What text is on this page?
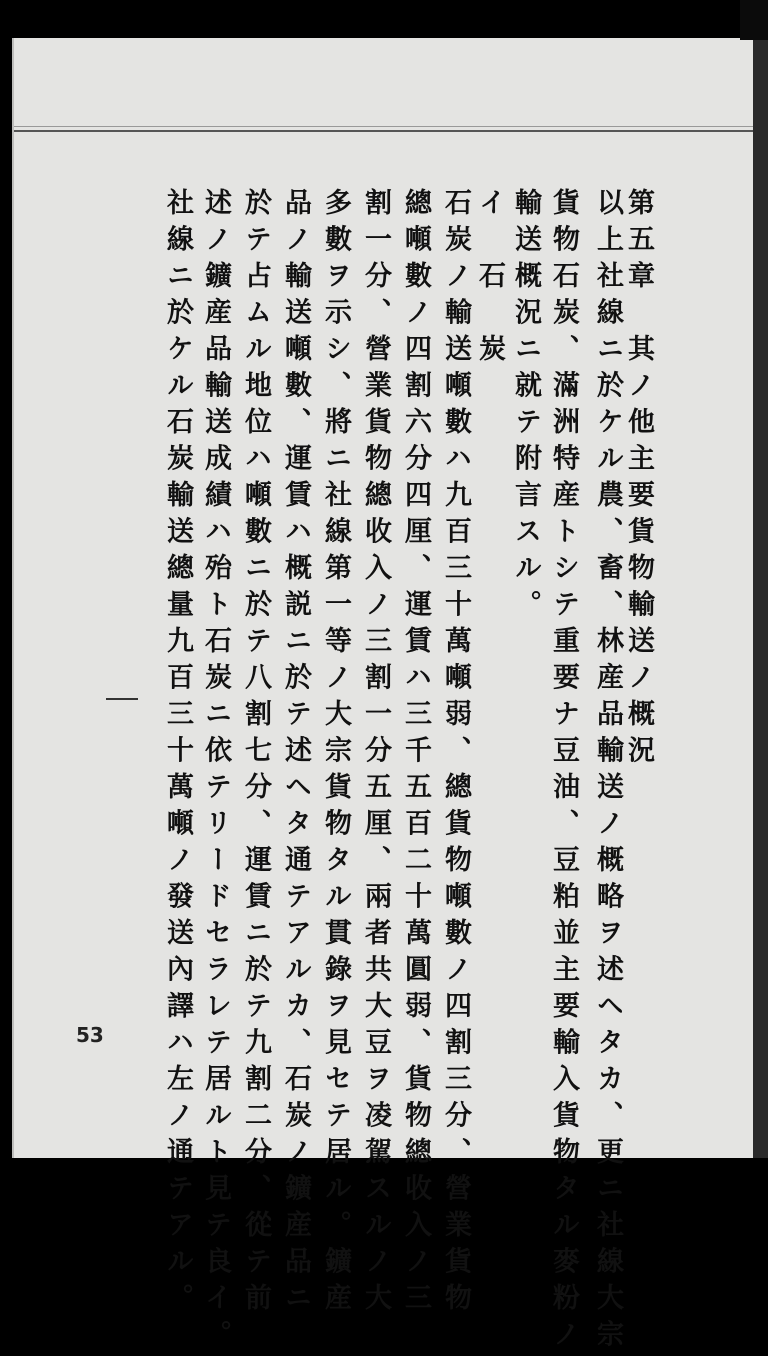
第五章　其ノ他主要貨物輸送ノ概況
以上社線ニ於ケル農、畜、林産品輸送ノ概略ヲ述ヘタカ、更ニ社線大宗
貨物石炭、滿洲特産トシテ重要ナ豆油、豆粕並主要輸入貨物タル麥粉ノ
輸送概況ニ就テ附言スル。
イ　石　炭
石炭ノ輸送噸數ハ九百三十萬噸弱、總貨物噸數ノ四割三分、營業貨物
總噸數ノ四割六分四厘、運賃ハ三千五百二十萬圓弱、貨物總收入ノ三
割一分、營業貨物總收入ノ三割一分五厘、兩者共大豆ヲ凌駕スルノ大
多數ヲ示シ、將ニ社線第一等ノ大宗貨物タル貫錄ヲ見セテ居ル。鑛産
品ノ輸送噸數、運賃ハ概説ニ於テ述ヘタ通テアルカ、石炭ノ鑛産品ニ
於テ占ムル地位ハ噸數ニ於テ八割七分、運賃ニ於テ九割二分、從テ前
述ノ鑛産品輸送成績ハ殆ト石炭ニ依テリードセラレテ居ルト見テ良イ。
社線ニ於ケル石炭輸送總量九百三十萬噸ノ發送內譯ハ左ノ通テアル。
53
